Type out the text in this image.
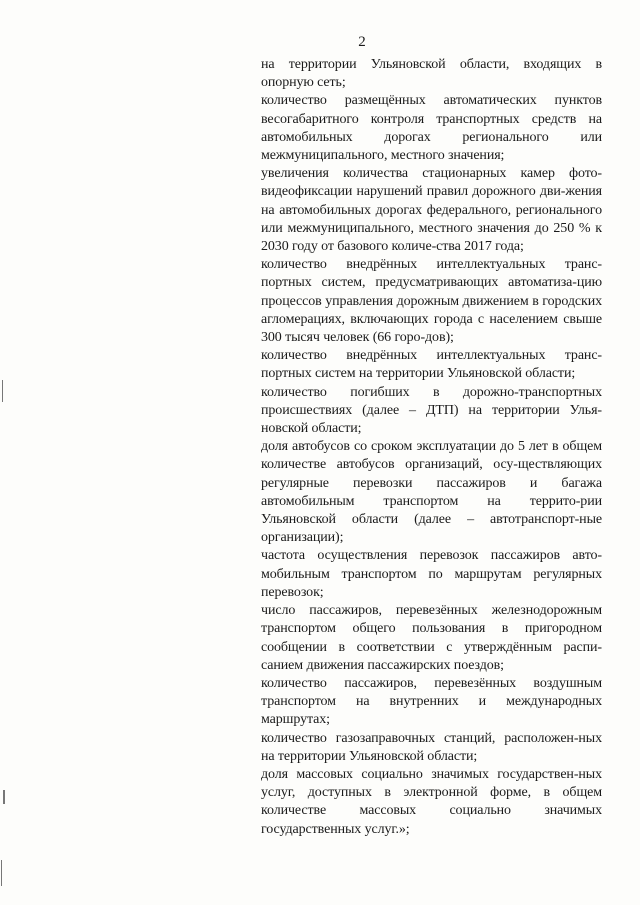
2

на территории Ульяновской области, входящих в опорную сеть;

количество размещённых автоматических пунктов весогабаритного контроля транспортных средств на автомобильных дорогах регионального или межмуниципального, местного значения;

увеличения количества стационарных камер фото-видеофиксации нарушений правил дорожного дви-жения на автомобильных дорогах федерального, регионального или межмуниципального, местного значения до 250 % к 2030 году от базового количе-ства 2017 года;

количество внедрённых интеллектуальных транс-портных систем, предусматривающих автоматиза-цию процессов управления дорожным движением в городских агломерациях, включающих города с населением свыше 300 тысяч человек (66 горо-дов);

количество внедрённых интеллектуальных транс-портных систем на территории Ульяновской области;

количество погибших в дорожно-транспортных происшествиях (далее – ДТП) на территории Улья-новской области;

доля автобусов со сроком эксплуатации до 5 лет в общем количестве автобусов организаций, осу-ществляющих регулярные перевозки пассажиров и багажа автомобильным транспортом на террито-рии Ульяновской области (далее – автотранспорт-ные организации);

частота осуществления перевозок пассажиров авто-мобильным транспортом по маршрутам регулярных перевозок;

число пассажиров, перевезённых железнодорожным транспортом общего пользования в пригородном сообщении в соответствии с утверждённым распи-санием движения пассажирских поездов;

количество пассажиров, перевезённых воздушным транспортом на внутренних и международных маршрутах;

количество газозаправочных станций, расположен-ных на территории Ульяновской области;

доля массовых социально значимых государствен-ных услуг, доступных в электронной форме, в общем количестве массовых социально значимых государственных услуг.»;
